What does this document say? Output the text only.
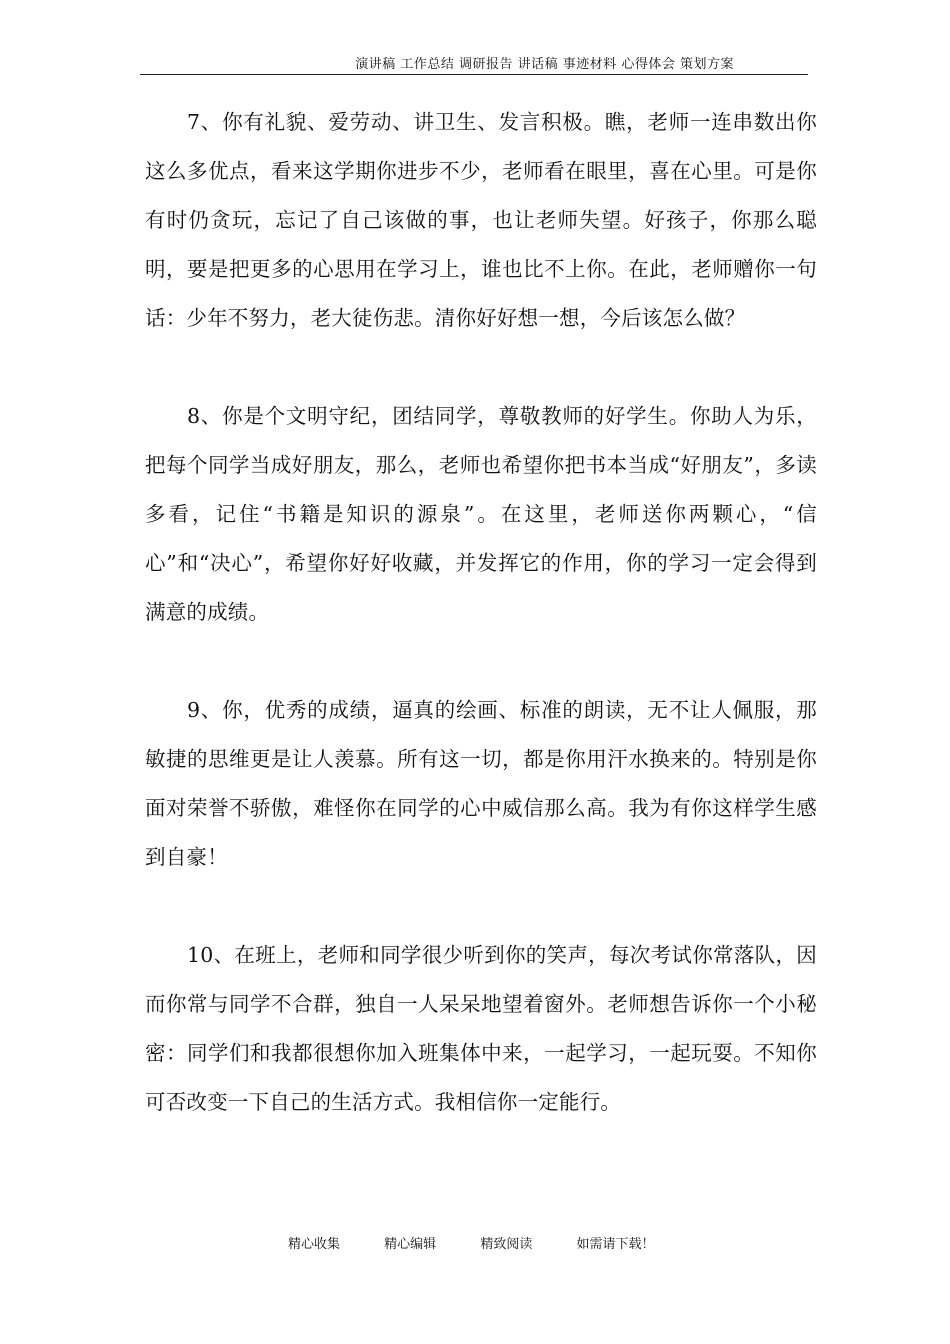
演讲稿 工作总结 调研报告 讲话稿 事迹材料 心得体会 策划方案

7、你有礼貌、爱劳动、讲卫生、发言积极。瞧，老师一连串数出你这么多优点，看来这学期你进步不少，老师看在眼里，喜在心里。可是你有时仍贪玩，忘记了自己该做的事，也让老师失望。好孩子，你那么聪明，要是把更多的心思用在学习上，谁也比不上你。在此，老师赠你一句话：少年不努力，老大徒伤悲。清你好好想一想，今后该怎么做？

8、你是个文明守纪，团结同学，尊敬教师的好学生。你助人为乐，把每个同学当成好朋友，那么，老师也希望你把书本当成“好朋友”，多读多看，记住“书籍是知识的源泉”。在这里，老师送你两颗心，“信心”和“决心”，希望你好好收藏，并发挥它的作用，你的学习一定会得到满意的成绩。

9、你，优秀的成绩，逼真的绘画、标准的朗读，无不让人佩服，那敏捷的思维更是让人羡慕。所有这一切，都是你用汗水换来的。特别是你面对荣誉不骄傲，难怪你在同学的心中威信那么高。我为有你这样学生感到自豪！

10、在班上，老师和同学很少听到你的笑声，每次考试你常落队，因而你常与同学不合群，独自一人呆呆地望着窗外。老师想告诉你一个小秘密：同学们和我都很想你加入班集体中来，一起学习，一起玩耍。不知你可否改变一下自己的生活方式。我相信你一定能行。

精心收集	精心编辑	精致阅读	如需请下载！
